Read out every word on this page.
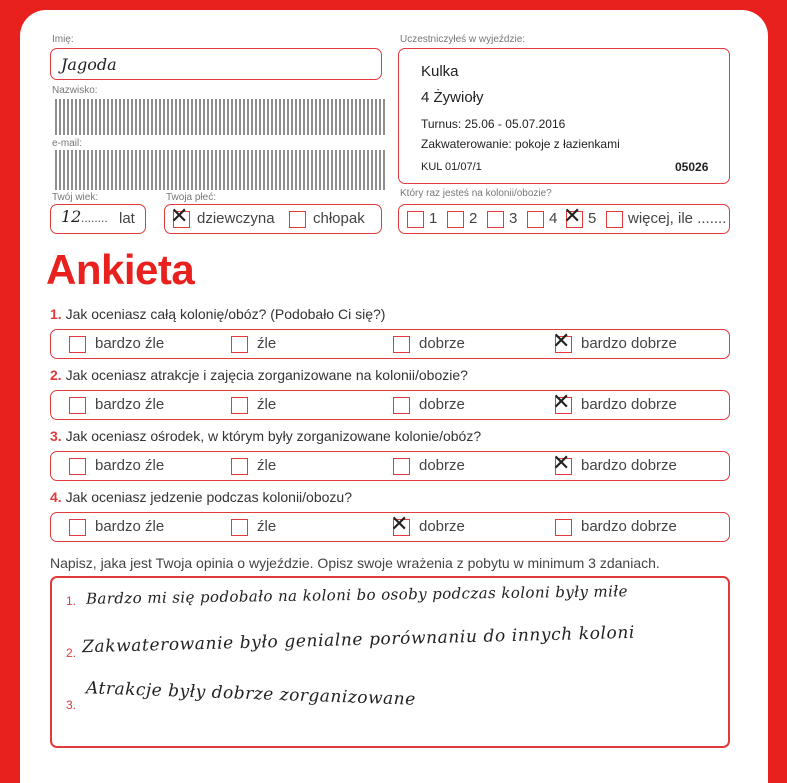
Imię:
Jagoda
Nazwisko:
e-mail:
Twój wiek:
12 ........ lat
Twoja płeć:
✕ dziewczyna	chłopak
Uczestniczyłeś w wyjeździe:
Kulka
4 Żywioły
Turnus: 25.06 - 05.07.2016
Zakwaterowanie: pokoje z łazienkami
KUL 01/07/1	05026
Który raz jesteś na kolonii/obozie?
1 2 3 4 ✕ 5 więcej, ile .......
Ankieta
1. Jak oceniasz całą kolonię/obóz? (Podobało Ci się?)
bardzo źle	źle	dobrze	✕ bardzo dobrze
2. Jak oceniasz atrakcje i zajęcia zorganizowane na kolonii/obozie?
bardzo źle	źle	dobrze	✕ bardzo dobrze
3. Jak oceniasz ośrodek, w którym były zorganizowane kolonie/obóz?
bardzo źle	źle	dobrze	✕ bardzo dobrze
4. Jak oceniasz jedzenie podczas kolonii/obozu?
bardzo źle	źle	✕ dobrze	bardzo dobrze
Napisz, jaka jest Twoja opinia o wyjeździe. Opisz swoje wrażenia z pobytu w minimum 3 zdaniach.
1. Bardzo mi się podobało na koloni bo osoby podczas koloni były miłe
2. Zakwaterowanie było genialne porównaniu do innych koloni
3. Atrakcje były dobrze zorganizowane
